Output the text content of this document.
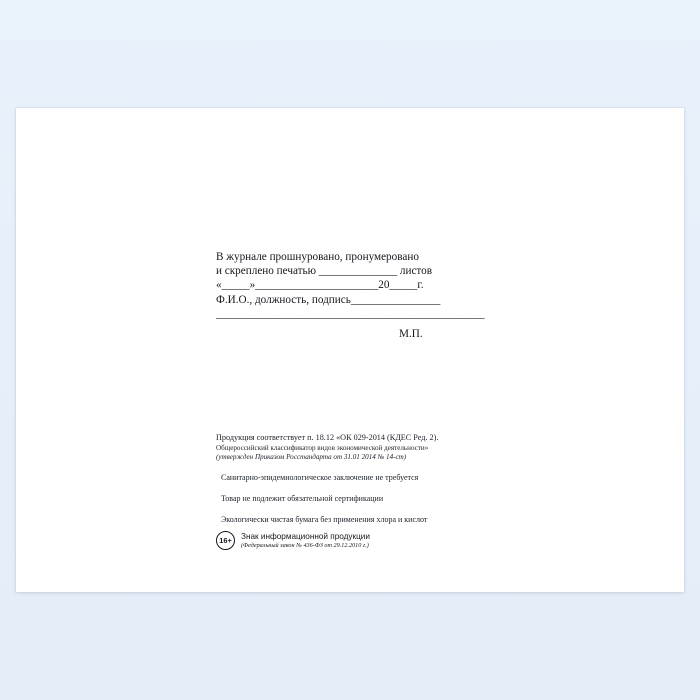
В журнале прошнуровано, пронумеровано
и скреплено печатью ______________ листов
«_____»______________________20_____г.
Ф.И.О., должность, подпись________________
________________________________________________
М.П.
Продукция соответствует п. 18.12 «ОК 029-2014 (КДЕС Ред. 2).
Общероссийский классификатор видов экономической деятельности»
(утвержден Приказом Росстандарта от 31.01 2014 № 14-ст)
Санитарно-эпидемиологическое заключение не требуется
Товар не подлежит обязательной сертификации
Экологически чистая бумага без применения хлора и кислот
16+	Знак информационной продукции
(Федеральный закон № 436-ФЗ от 29.12.2010 г.)
